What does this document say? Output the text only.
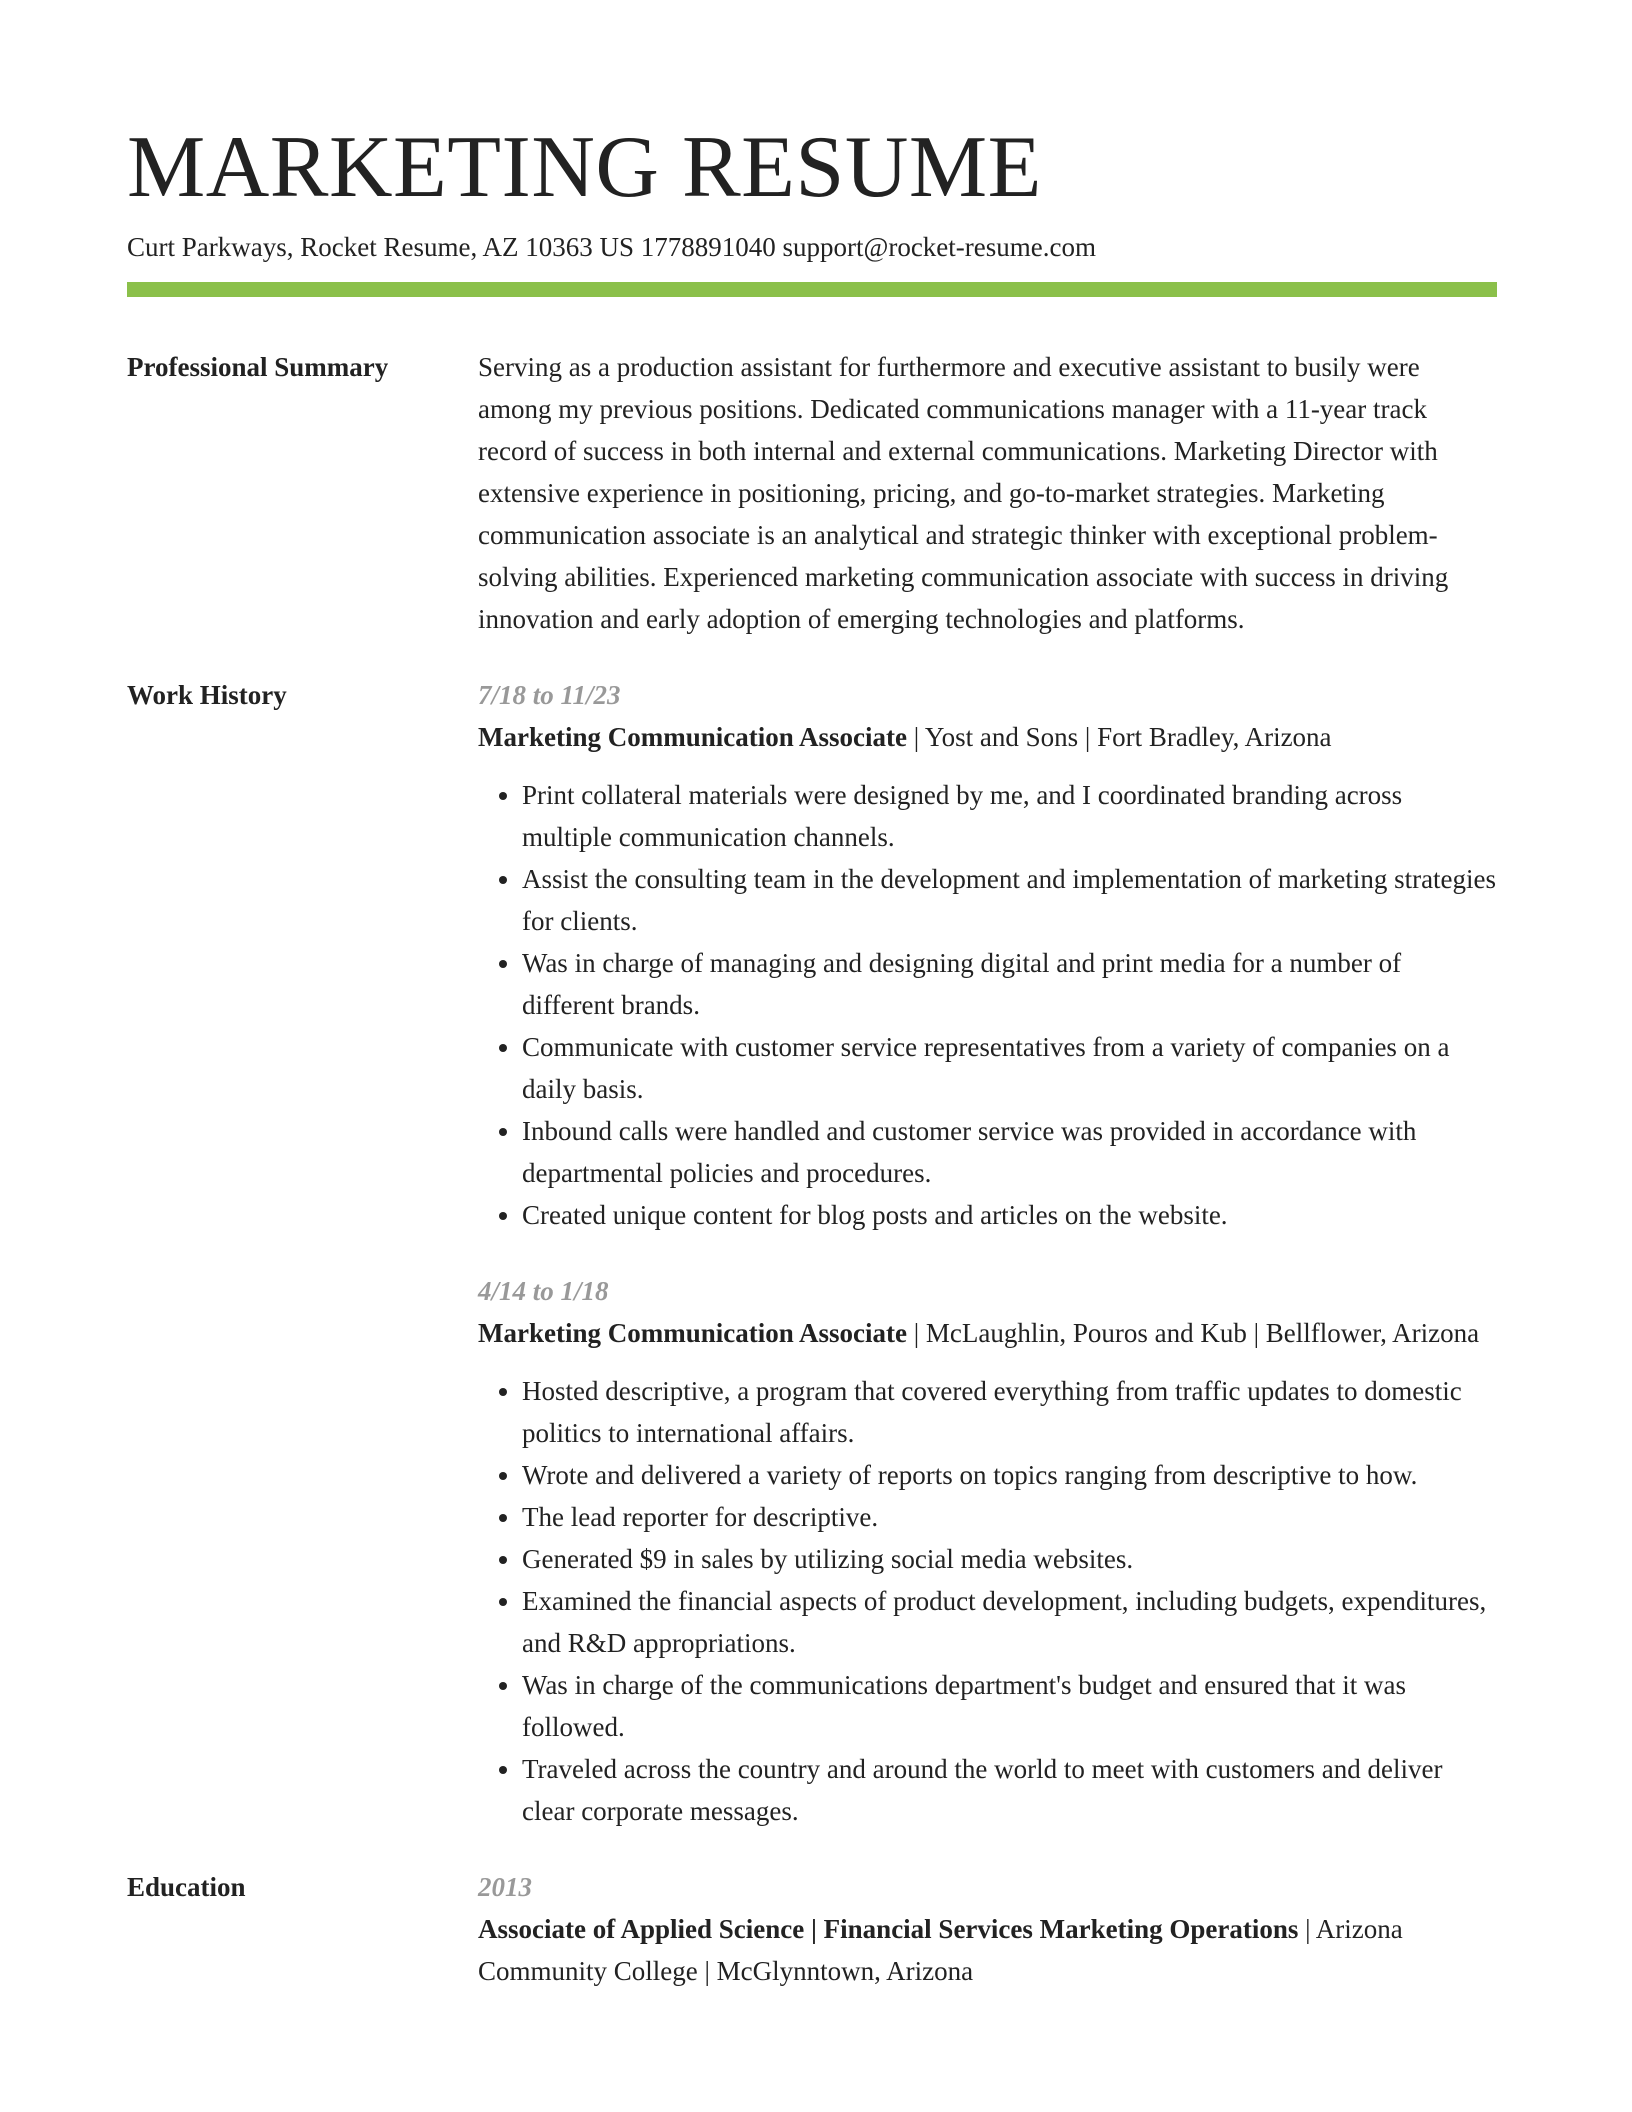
MARKETING RESUME
Curt Parkways, Rocket Resume, AZ 10363 US 1778891040 support@rocket-resume.com
Professional Summary	Serving as a production assistant for furthermore and executive assistant to busily were among my previous positions. Dedicated communications manager with a 11-year track record of success in both internal and external communications. Marketing Director with extensive experience in positioning, pricing, and go-to-market strategies. Marketing communication associate is an analytical and strategic thinker with exceptional problem-solving abilities. Experienced marketing communication associate with success in driving innovation and early adoption of emerging technologies and platforms.
Work History	7/18 to 11/23
Marketing Communication Associate | Yost and Sons | Fort Bradley, Arizona
• Print collateral materials were designed by me, and I coordinated branding across multiple communication channels.
• Assist the consulting team in the development and implementation of marketing strategies for clients.
• Was in charge of managing and designing digital and print media for a number of different brands.
• Communicate with customer service representatives from a variety of companies on a daily basis.
• Inbound calls were handled and customer service was provided in accordance with departmental policies and procedures.
• Created unique content for blog posts and articles on the website.
4/14 to 1/18
Marketing Communication Associate | McLaughlin, Pouros and Kub | Bellflower, Arizona
• Hosted descriptive, a program that covered everything from traffic updates to domestic politics to international affairs.
• Wrote and delivered a variety of reports on topics ranging from descriptive to how.
• The lead reporter for descriptive.
• Generated $9 in sales by utilizing social media websites.
• Examined the financial aspects of product development, including budgets, expenditures, and R&D appropriations.
• Was in charge of the communications department's budget and ensured that it was followed.
• Traveled across the country and around the world to meet with customers and deliver clear corporate messages.
Education	2013
Associate of Applied Science | Financial Services Marketing Operations | Arizona Community College | McGlynntown, Arizona
